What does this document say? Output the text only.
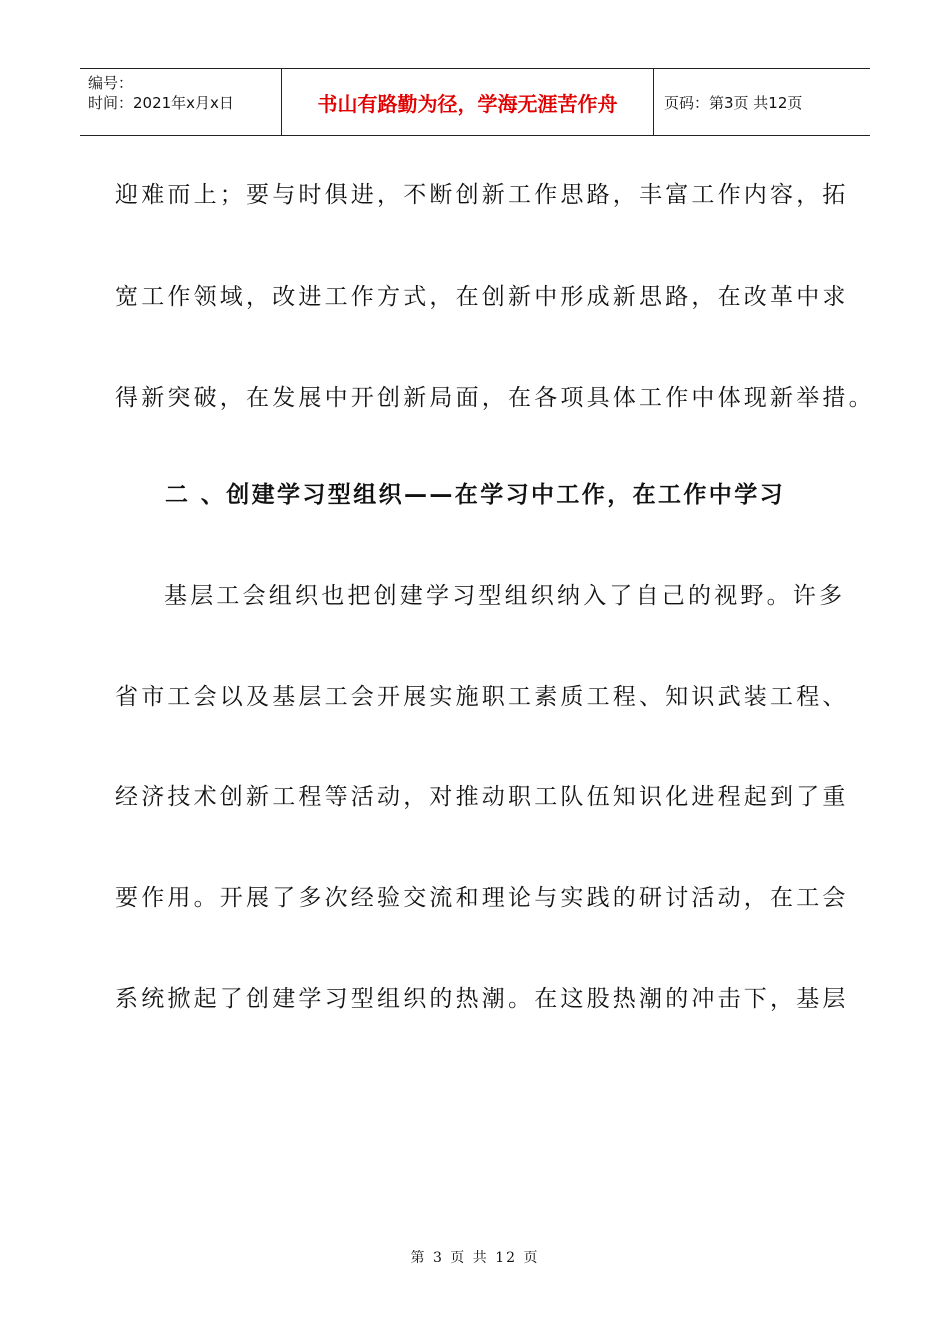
编号：
时间：2021年x月x日	书山有路勤为径，学海无涯苦作舟	页码：第3页 共12页
迎难而上；要与时俱进，不断创新工作思路，丰富工作内容，拓
宽工作领域，改进工作方式，在创新中形成新思路，在改革中求
得新突破，在发展中开创新局面，在各项具体工作中体现新举措。
二 、创建学习型组织——在学习中工作，在工作中学习
基层工会组织也把创建学习型组织纳入了自己的视野。许多
省市工会以及基层工会开展实施职工素质工程、知识武装工程、
经济技术创新工程等活动，对推动职工队伍知识化进程起到了重
要作用。开展了多次经验交流和理论与实践的研讨活动，在工会
系统掀起了创建学习型组织的热潮。在这股热潮的冲击下，基层
第 3 页 共 12 页
